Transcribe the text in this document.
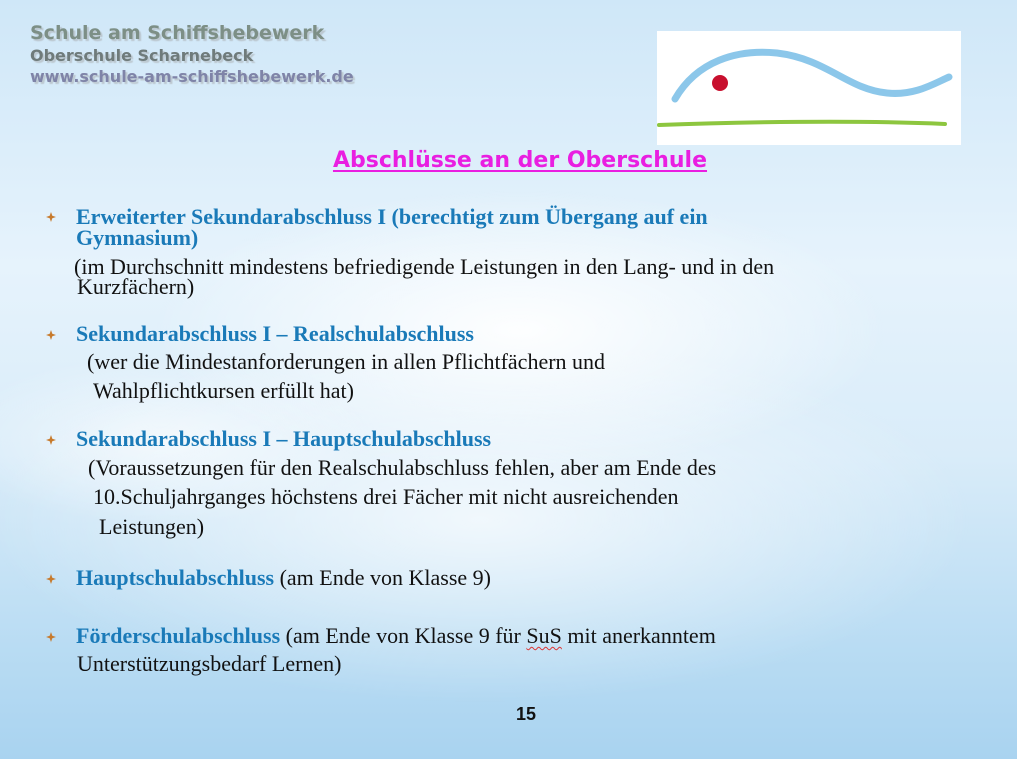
Schule am Schiffshebewerk
Oberschule Scharnebeck
www.schule-am-schiffshebewerk.de
Abschlüsse an der Oberschule
Erweiterter Sekundarabschluss I (berechtigt zum Übergang auf ein
Gymnasium)
(im Durchschnitt mindestens befriedigende Leistungen in den Lang- und in den
Kurzfächern)
Sekundarabschluss I – Realschulabschluss
(wer die Mindestanforderungen in allen Pflichtfächern und
Wahlpflichtkursen erfüllt hat)
Sekundarabschluss I – Hauptschulabschluss
(Voraussetzungen für den Realschulabschluss fehlen, aber am Ende des
10.Schuljahrganges höchstens drei Fächer mit nicht ausreichenden
Leistungen)
Hauptschulabschluss (am Ende von Klasse 9)
Förderschulabschluss (am Ende von Klasse 9 für SuS mit anerkanntem
Unterstützungsbedarf Lernen)
15
